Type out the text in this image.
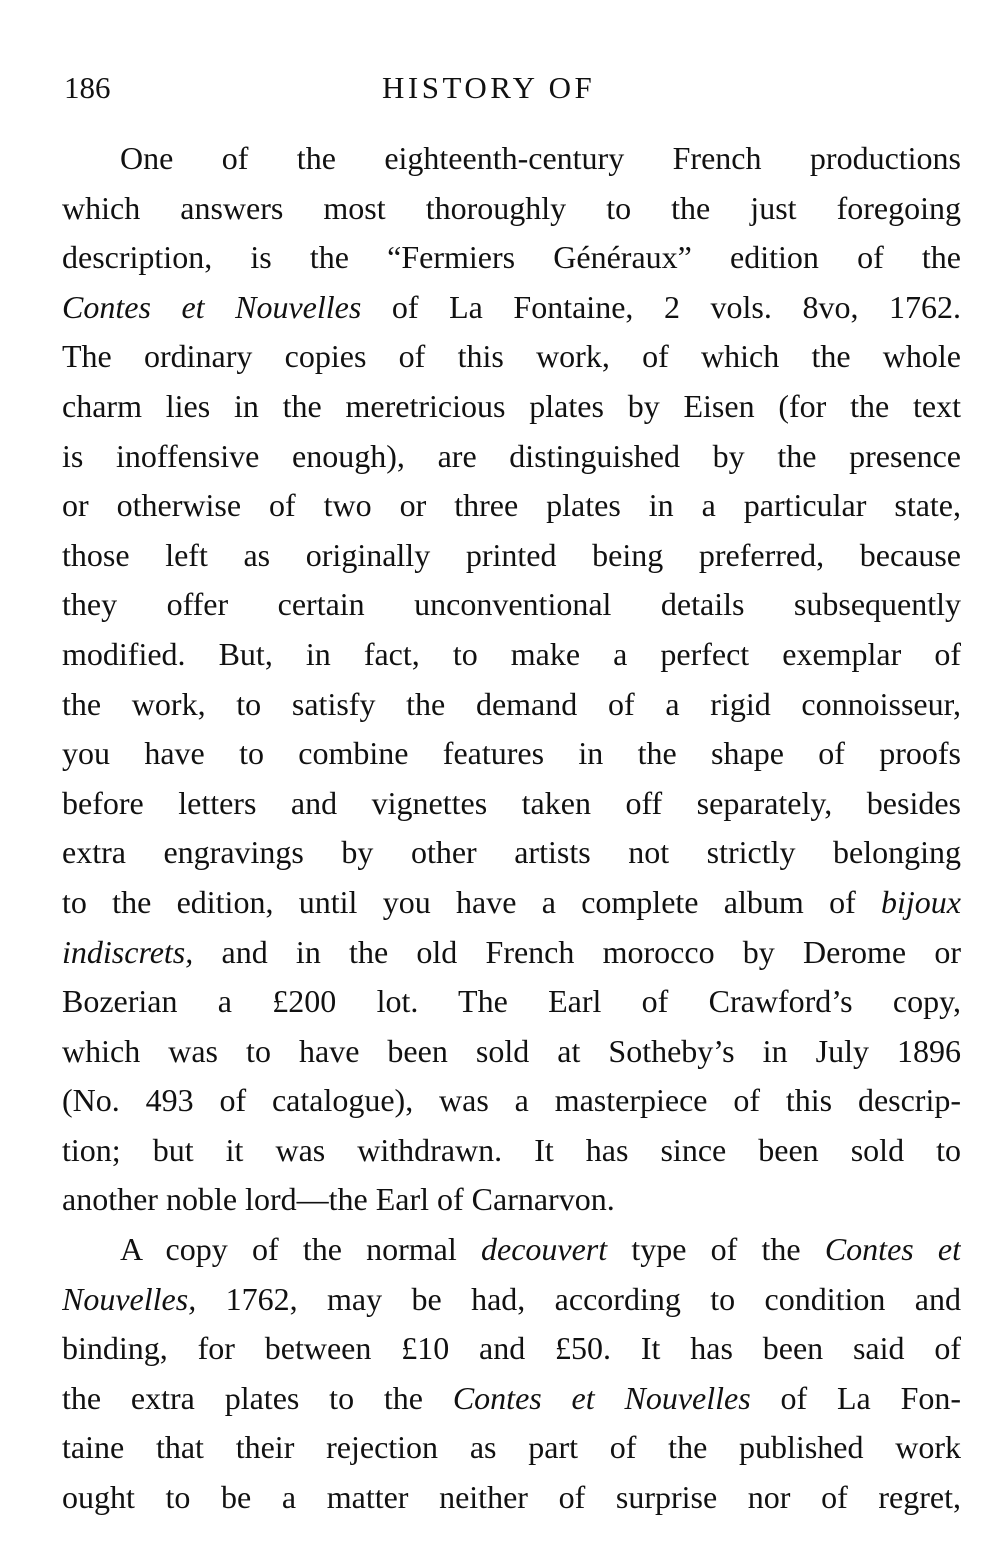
186	HISTORY OF
One of the eighteenth-century French productions
which answers most thoroughly to the just foregoing
description, is the “Fermiers Généraux” edition of the
Contes et Nouvelles of La Fontaine, 2 vols. 8vo, 1762.
The ordinary copies of this work, of which the whole
charm lies in the meretricious plates by Eisen (for the text
is inoffensive enough), are distinguished by the presence
or otherwise of two or three plates in a particular state,
those left as originally printed being preferred, because
they offer certain unconventional details subsequently
modified. But, in fact, to make a perfect exemplar of
the work, to satisfy the demand of a rigid connoisseur,
you have to combine features in the shape of proofs
before letters and vignettes taken off separately, besides
extra engravings by other artists not strictly belonging
to the edition, until you have a complete album of bijoux
indiscrets, and in the old French morocco by Derome or
Bozerian a £200 lot. The Earl of Crawford’s copy,
which was to have been sold at Sotheby’s in July 1896
(No. 493 of catalogue), was a masterpiece of this descrip-
tion; but it was withdrawn. It has since been sold to
another noble lord—the Earl of Carnarvon.
A copy of the normal decouvert type of the Contes et
Nouvelles, 1762, may be had, according to condition and
binding, for between £10 and £50. It has been said of
the extra plates to the Contes et Nouvelles of La Fon-
taine that their rejection as part of the published work
ought to be a matter neither of surprise nor of regret,
